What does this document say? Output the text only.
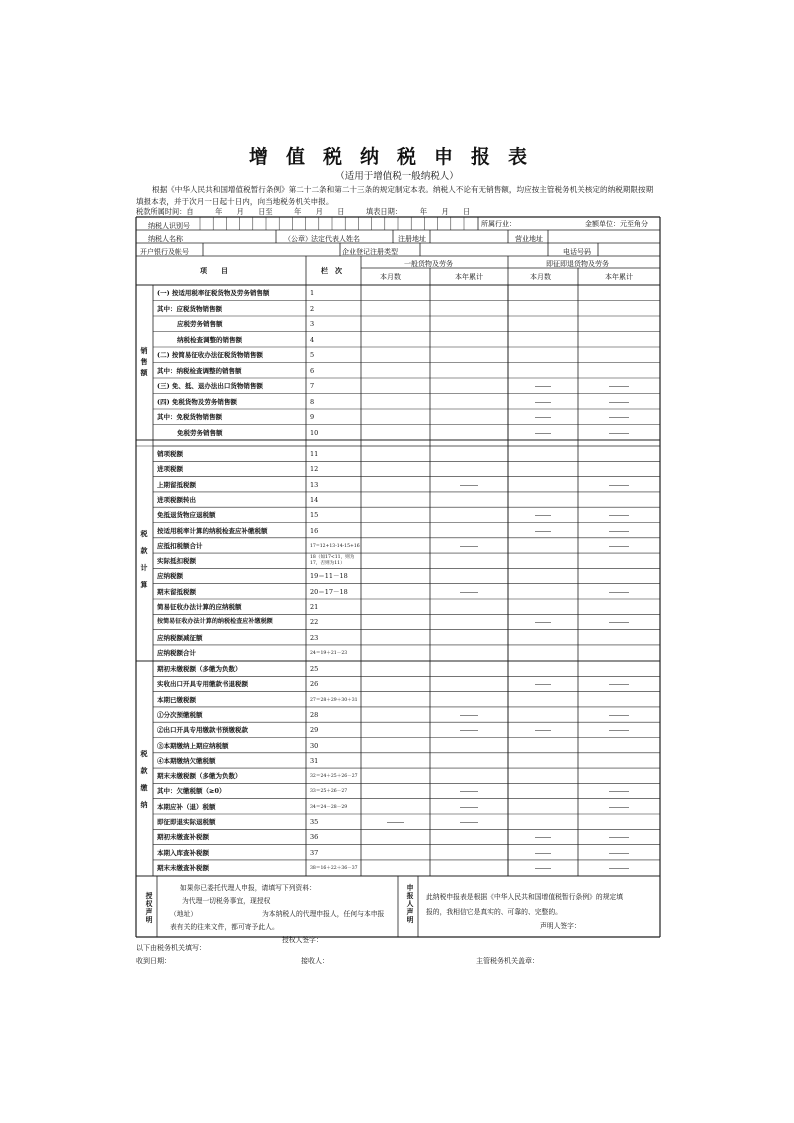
增值税纳税申报表
（适用于增值税一般纳税人）
根据《中华人民共和国增值税暂行条例》第二十二条和第二十三条的规定制定本表。纳税人不论有无销售额，均应按主管税务机关核定的纳税期限按期填报本表，并于次月一日起十日内，向当地税务机关申报。
税款所属时间：自　　　年　　月　　日至　　　年　　月　　日　　　填表日期：　　　年　　月　　日
所属行业：	金额单位：元至角分
纳税人识别号
纳税人名称	（公章） 法定代表人姓名	注册地址	营业地址
开户银行及帐号	企业登记注册类型	电话号码
项　　目	栏　次
一般货物及劳务	即征即退货物及劳务
本月数	本年累计	本月数	本年累计
销售额
税款计算
税款缴纳
(一) 按适用税率征税货物及劳务销售额	1
其中：应税货物销售额	2
应税劳务销售额	3
纳税检查调整的销售额	4
(二) 按简易征收办法征税货物销售额	5
其中：纳税检查调整的销售额	6
(三) 免、抵、退办法出口货物销售额	7
(四) 免税货物及劳务销售额	8
其中：免税货物销售额	9
免税劳务销售额	10
销项税额	11
进项税额	12
上期留抵税额	13
进项税额转出	14
免抵退货物应退税额	15
按适用税率计算的纳税检查应补缴税额	16
应抵扣税额合计	17=12+13-14-15+16
实际抵扣税额	18（如17<11，则为17，否则为11）
应纳税额	19＝11－18
期末留抵税额	20＝17－18
简易征收办法计算的应纳税额	21
按简易征收办法计算的纳税检查应补缴税额	22
应纳税额减征额	23
应纳税额合计	24＝19＋21－23
期初未缴税额（多缴为负数）	25
实收出口开具专用缴款书退税额	26
本期已缴税额	27＝28＋29＋30＋31
①分次预缴税额	28
②出口开具专用缴款书预缴税款	29
③本期缴纳上期应纳税额	30
④本期缴纳欠缴税额	31
期末未缴税额（多缴为负数）	32＝24＋25＋26－27
其中：欠缴税额（≥0）	33＝25＋26－27
本期应补（退）税额	34＝24－28－29
即征即退实际退税额	35
期初未缴查补税额	36
本期入库查补税额	37
期末未缴查补税额	38＝16＋22＋36－37
授权声明
如果你已委托代理人申报，请填写下列资料：
为代理一切税务事宜，现授权
（地址）	为本纳税人的代理申报人，任何与本申报
表有关的往来文件，都可寄予此人。
授权人签字：
申报人声明
此纳税申报表是根据《中华人民共和国增值税暂行条例》的规定填
报的，我相信它是真实的、可靠的、完整的。
声明人签字：
以下由税务机关填写：
收到日期：	接收人：	主管税务机关盖章：
